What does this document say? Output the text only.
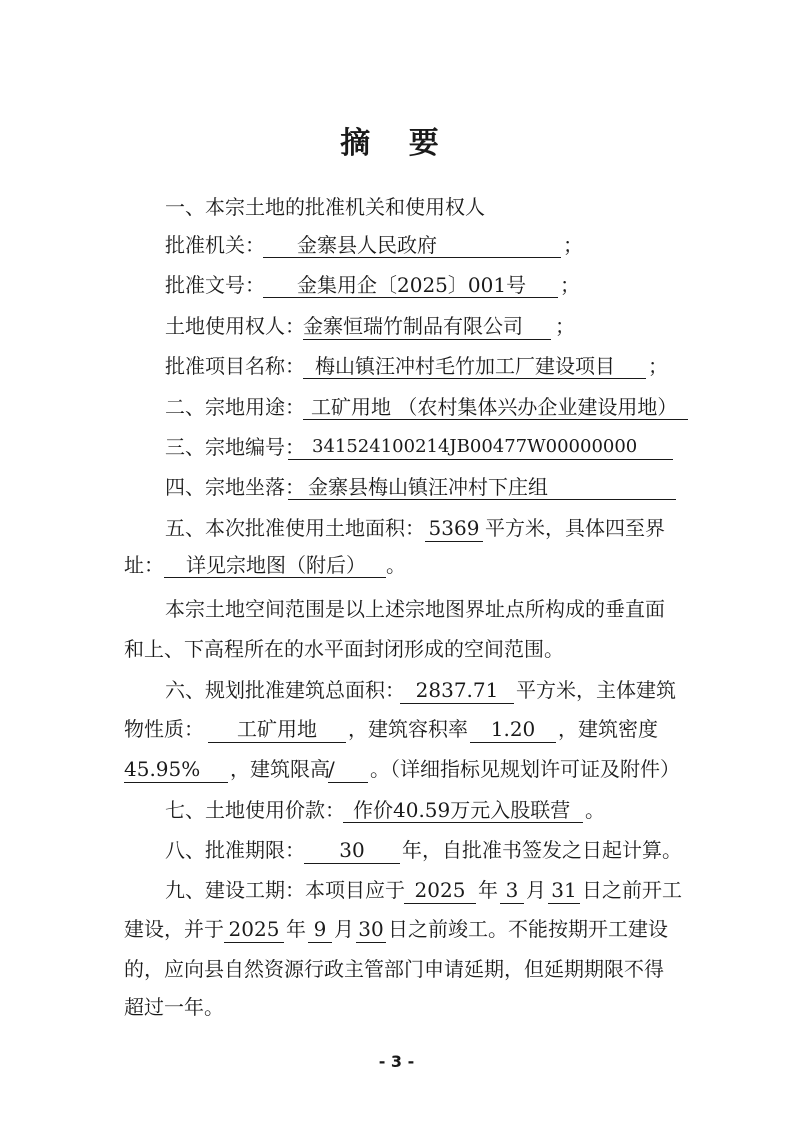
摘 要
一、本宗土地的批准机关和使用权人
批准机关：	金寨县人民政府	；
批准文号：	金集用企〔2025〕001号	；
土地使用权人：
金寨恒瑞竹制品有限公司	；
批准项目名称： 梅山镇汪冲村毛竹加工厂建设项目	；
二、宗地用途： 工矿用地 （农村集体兴办企业建设用地）
三、宗地编号： 341524100214JB00477W00000000
四、宗地坐落： 金寨县梅山镇汪冲村下庄组
五、本次批准使用土地面积： 5369 平方米，具体四至界
址：	详见宗地图（附后）	。
本宗土地空间范围是以上述宗地图界址点所构成的垂直面
和上、下高程所在的水平面封闭形成的空间范围。
六、规划批准建筑总面积： 2837.71 平方米，主体建筑
物性质：	工矿用地	，建筑容积率	1.20	，建筑密度
45.95%	，建筑限高
/	。（详细指标见规划许可证及附件）
七、土地使用价款： 作价40.59万元入股联营 。
八、批准期限：	30	年，自批准书签发之日起计算。
九、建设工期：本项目应于 2025 年 3 月 31 日之前开工
建设，并于 2025 年 9 月 30 日之前竣工。不能按期开工建设
的，应向县自然资源行政主管部门申请延期，但延期期限不得
超过一年。
- 3 -
